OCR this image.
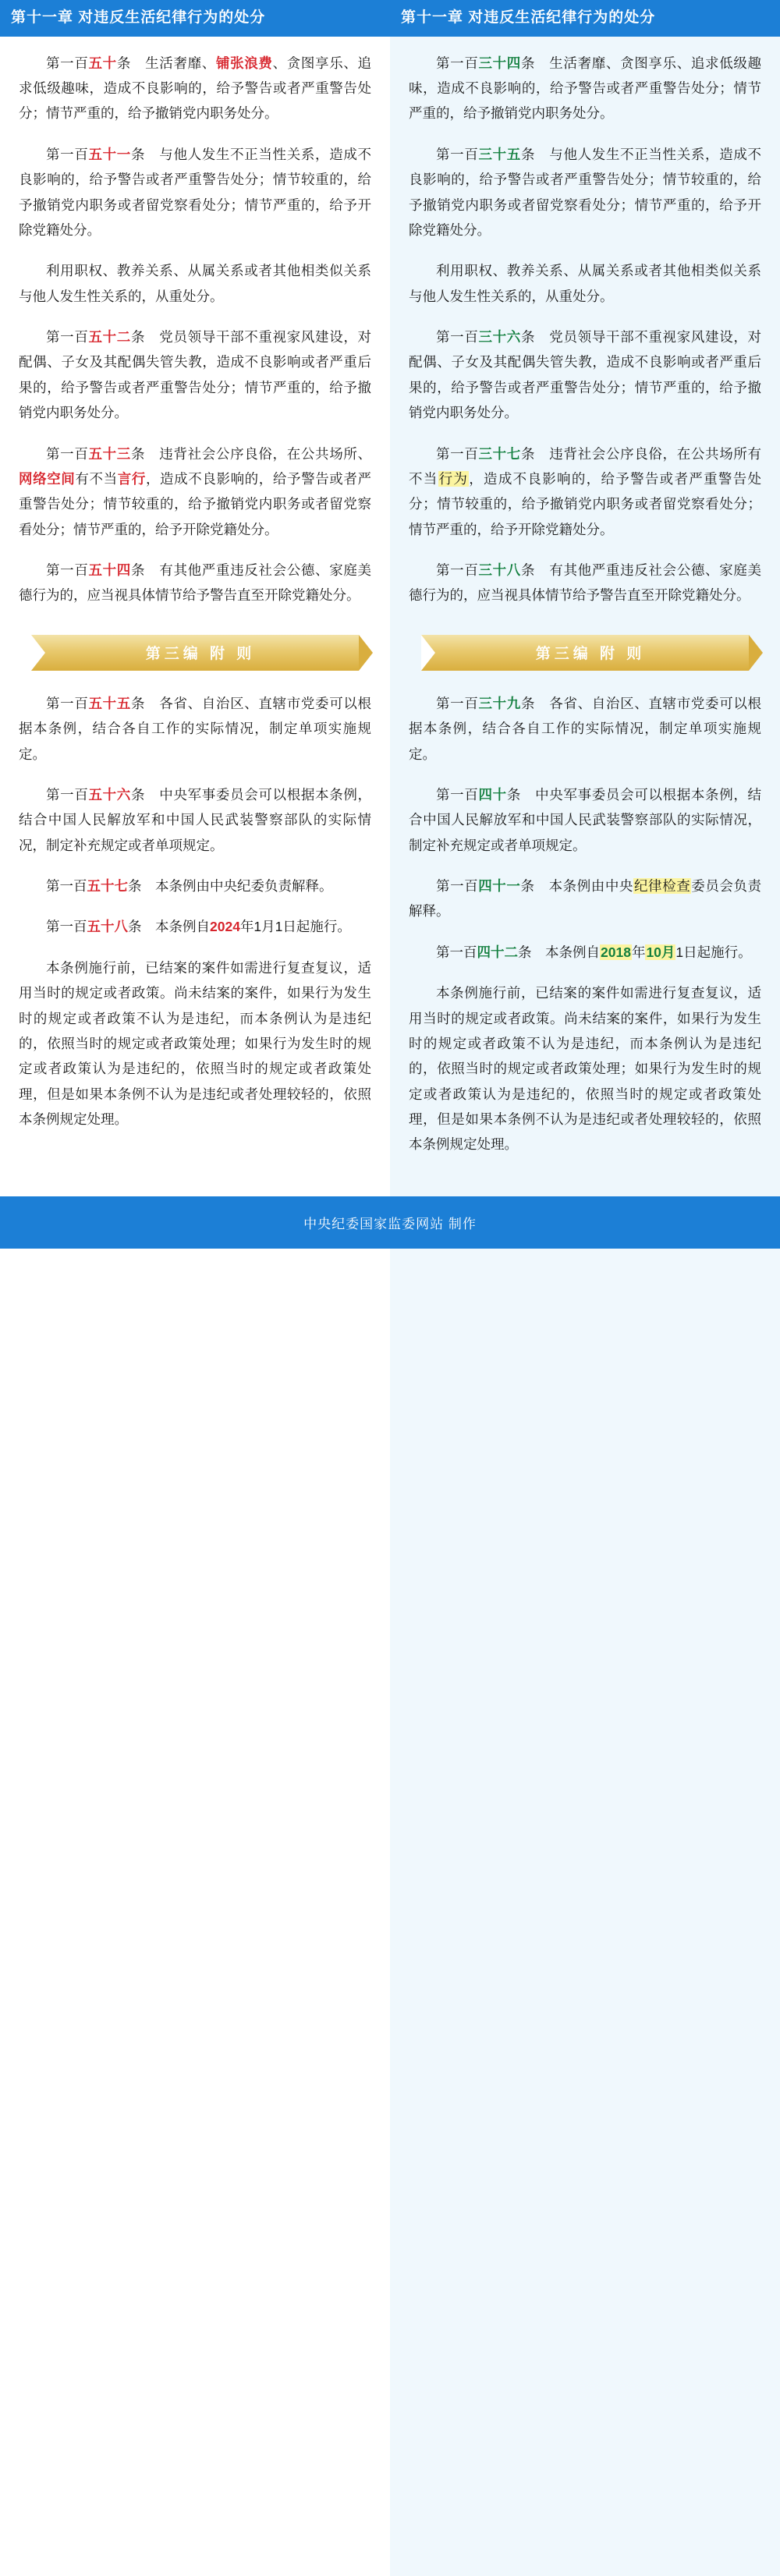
第十一章 对违反生活纪律行为的处分

第一百五十条　生活奢靡、铺张浪费、贪图享乐、追求低级趣味，造成不良影响的，给予警告或者严重警告处分；情节严重的，给予撤销党内职务处分。

第一百五十一条　与他人发生不正当性关系，造成不良影响的，给予警告或者严重警告处分；情节较重的，给予撤销党内职务或者留党察看处分；情节严重的，给予开除党籍处分。

利用职权、教养关系、从属关系或者其他相类似关系与他人发生性关系的，从重处分。

第一百五十二条　党员领导干部不重视家风建设，对配偶、子女及其配偶失管失教，造成不良影响或者严重后果的，给予警告或者严重警告处分；情节严重的，给予撤销党内职务处分。

第一百五十三条　违背社会公序良俗，在公共场所、网络空间有不当言行，造成不良影响的，给予警告或者严重警告处分；情节较重的，给予撤销党内职务或者留党察看处分；情节严重的，给予开除党籍处分。

第一百五十四条　有其他严重违反社会公德、家庭美德行为的，应当视具体情节给予警告直至开除党籍处分。

第三编 附 则

第一百五十五条　各省、自治区、直辖市党委可以根据本条例，结合各自工作的实际情况，制定单项实施规定。

第一百五十六条　中央军事委员会可以根据本条例，结合中国人民解放军和中国人民武装警察部队的实际情况，制定补充规定或者单项规定。

第一百五十七条　本条例由中央纪委负责解释。

第一百五十八条　本条例自2024年1月1日起施行。

本条例施行前，已结案的案件如需进行复查复议，适用当时的规定或者政策。尚未结案的案件，如果行为发生时的规定或者政策不认为是违纪，而本条例认为是违纪的，依照当时的规定或者政策处理；如果行为发生时的规定或者政策认为是违纪的，依照当时的规定或者政策处理，但是如果本条例不认为是违纪或者处理较轻的，依照本条例规定处理。

第十一章 对违反生活纪律行为的处分

第一百三十四条　生活奢靡、贪图享乐、追求低级趣味，造成不良影响的，给予警告或者严重警告处分；情节严重的，给予撤销党内职务处分。

第一百三十五条　与他人发生不正当性关系，造成不良影响的，给予警告或者严重警告处分；情节较重的，给予撤销党内职务或者留党察看处分；情节严重的，给予开除党籍处分。

利用职权、教养关系、从属关系或者其他相类似关系与他人发生性关系的，从重处分。

第一百三十六条　党员领导干部不重视家风建设，对配偶、子女及其配偶失管失教，造成不良影响或者严重后果的，给予警告或者严重警告处分；情节严重的，给予撤销党内职务处分。

第一百三十七条　违背社会公序良俗，在公共场所有不当行为，造成不良影响的，给予警告或者严重警告处分；情节较重的，给予撤销党内职务或者留党察看处分；情节严重的，给予开除党籍处分。

第一百三十八条　有其他严重违反社会公德、家庭美德行为的，应当视具体情节给予警告直至开除党籍处分。

第三编 附 则

第一百三十九条　各省、自治区、直辖市党委可以根据本条例，结合各自工作的实际情况，制定单项实施规定。

第一百四十条　中央军事委员会可以根据本条例，结合中国人民解放军和中国人民武装警察部队的实际情况，制定补充规定或者单项规定。

第一百四十一条　本条例由中央纪律检查委员会负责解释。

第一百四十二条　本条例自2018年10月1日起施行。

本条例施行前，已结案的案件如需进行复查复议，适用当时的规定或者政策。尚未结案的案件，如果行为发生时的规定或者政策不认为是违纪，而本条例认为是违纪的，依照当时的规定或者政策处理；如果行为发生时的规定或者政策认为是违纪的，依照当时的规定或者政策处理，但是如果本条例不认为是违纪或者处理较轻的，依照本条例规定处理。

中央纪委国家监委网站 制作
